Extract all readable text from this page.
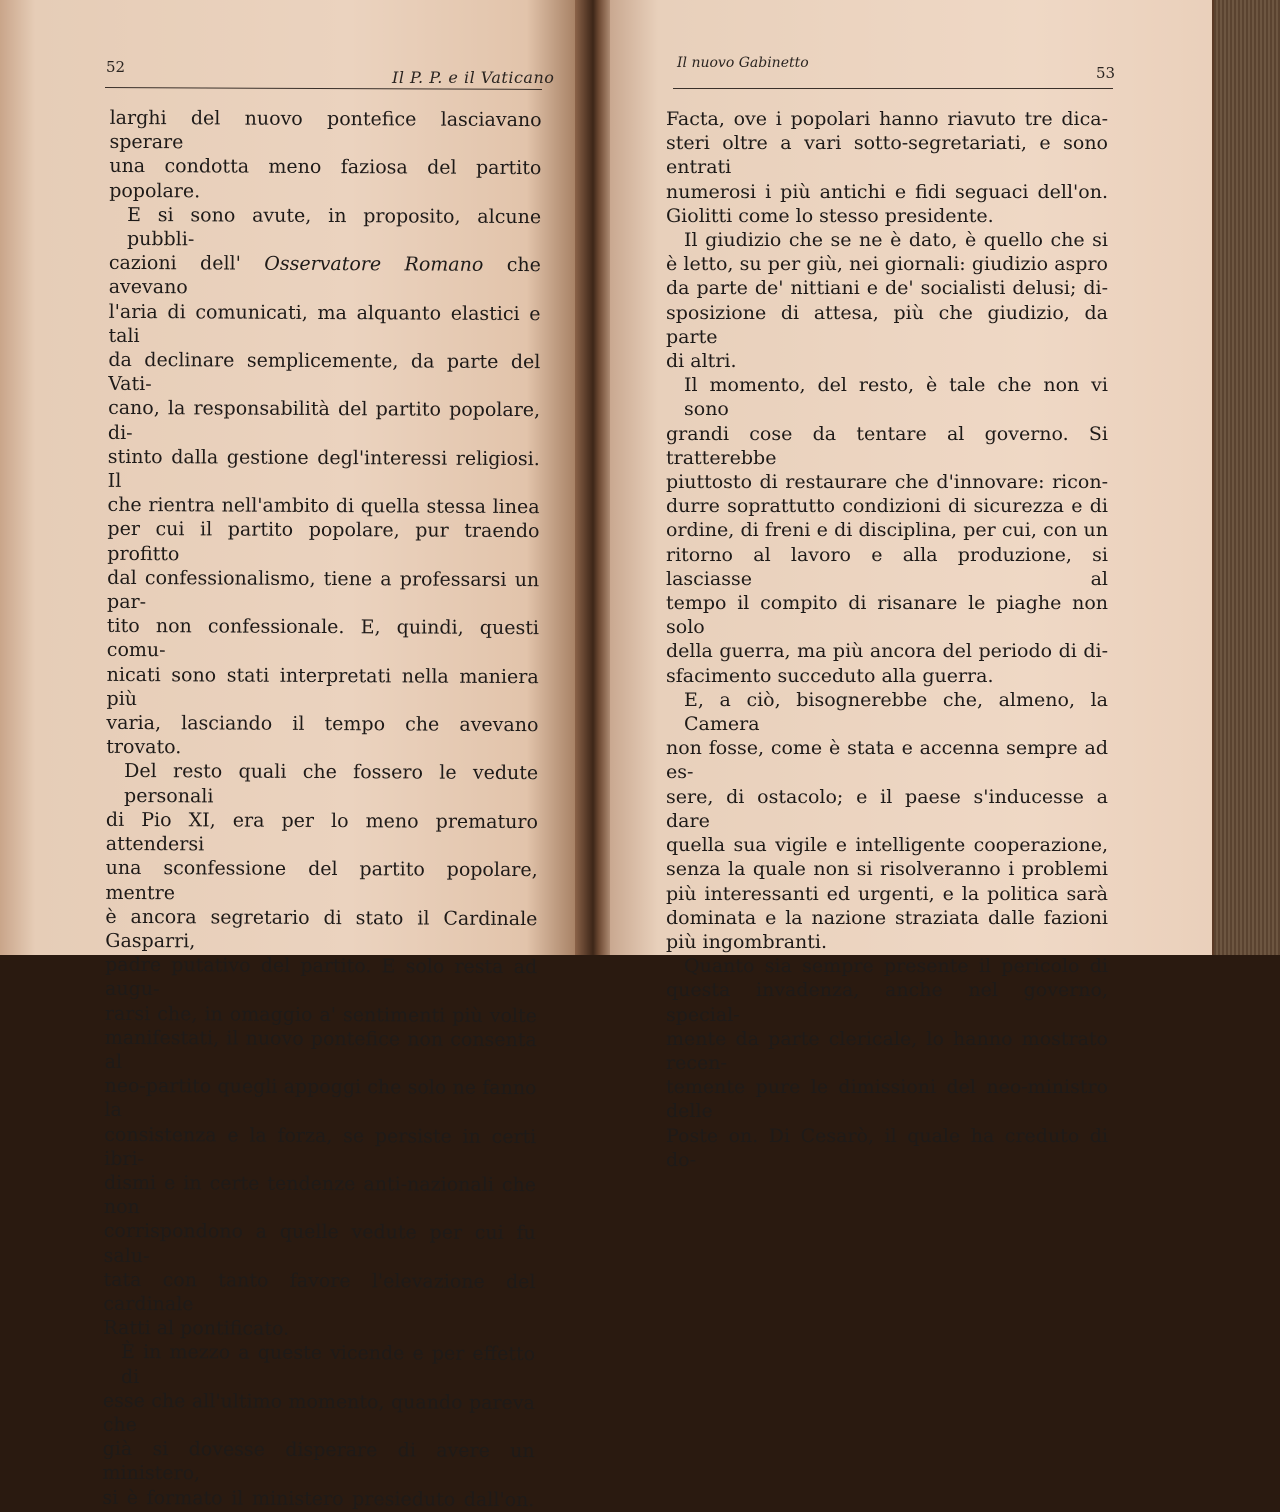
52
Il P. P. e il Vaticano
larghi del nuovo pontefice lasciavano sperare
una condotta meno faziosa del partito popolare.
E si sono avute, in proposito, alcune pubbli-
cazioni dell' Osservatore Romano che avevano
l'aria di comunicati, ma alquanto elastici e tali
da declinare semplicemente, da parte del Vati-
cano, la responsabilità del partito popolare, di-
stinto dalla gestione degl'interessi religiosi. Il
che rientra nell'ambito di quella stessa linea
per cui il partito popolare, pur traendo profitto
dal confessionalismo, tiene a professarsi un par-
tito non confessionale. E, quindi, questi comu-
nicati sono stati interpretati nella maniera più
varia, lasciando il tempo che avevano trovato.
Del resto quali che fossero le vedute personali
di Pio XI, era per lo meno prematuro attendersi
una sconfessione del partito popolare, mentre
è ancora segretario di stato il Cardinale Gasparri,
padre putativo del partito. E solo resta ad augu-
rarsi che, in omaggio a' sentimenti più volte
manifestati, il nuovo pontefice non consenta al
neo-partito quegli appoggi che solo ne fanno la
consistenza e la forza, se persiste in certi ibri-
dismi e in certe tendenze anti-nazionali che non
corrispondono a quelle vedute per cui fu salu-
tata con tanto favore l'elevazione del cardinale
Ratti al pontificato.
È in mezzo a queste vicende e per effetto di
esse che all'ultimo momento, quando pareva che
già si dovesse disperare di avere un ministero,
si è formato il ministero presieduto dall'on.
Il nuovo Gabinetto
53
Facta, ove i popolari hanno riavuto tre dica-
steri oltre a vari sotto-segretariati, e sono entrati
numerosi i più antichi e fidi seguaci dell'on.
Giolitti come lo stesso presidente.
Il giudizio che se ne è dato, è quello che si
è letto, su per giù, nei giornali: giudizio aspro
da parte de' nittiani e de' socialisti delusi; di-
sposizione di attesa, più che giudizio, da parte
di altri.
Il momento, del resto, è tale che non vi sono
grandi cose da tentare al governo. Si tratterebbe
piuttosto di restaurare che d'innovare: ricon-
durre soprattutto condizioni di sicurezza e di
ordine, di freni e di disciplina, per cui, con un
ritorno al lavoro e alla produzione, si lasciasse al
tempo il compito di risanare le piaghe non solo
della guerra, ma più ancora del periodo di di-
sfacimento succeduto alla guerra.
E, a ciò, bisognerebbe che, almeno, la Camera
non fosse, come è stata e accenna sempre ad es-
sere, di ostacolo; e il paese s'inducesse a dare
quella sua vigile e intelligente cooperazione,
senza la quale non si risolveranno i problemi
più interessanti ed urgenti, e la politica sarà
dominata e la nazione straziata dalle fazioni
più ingombranti.
Quanto sia sempre presente il pericolo di
questa invadenza, anche nel governo, special-
mente da parte clericale, lo hanno mostrato recen-
temente pure le dimissioni del neo-ministro delle
Poste on. Di Cesarò, il quale ha creduto di do-
